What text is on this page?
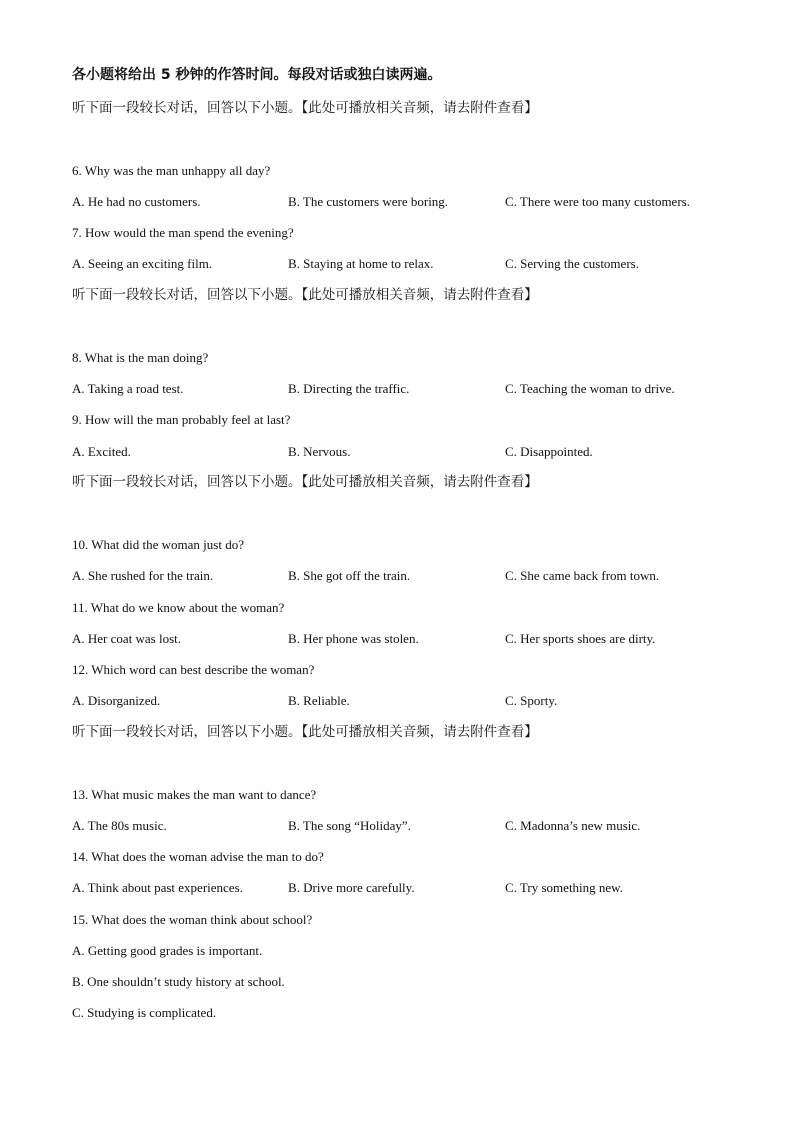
各小题将给出 5 秒钟的作答时间。每段对话或独白读两遍。
听下面一段较长对话，回答以下小题。【此处可播放相关音频，请去附件查看】
6. Why was the man unhappy all day?
A. He had no customers.	B. The customers were boring.	C. There were too many customers.
7. How would the man spend the evening?
A. Seeing an exciting film.	B. Staying at home to relax.	C. Serving the customers.
听下面一段较长对话，回答以下小题。【此处可播放相关音频，请去附件查看】
8. What is the man doing?
A. Taking a road test.	B. Directing the traffic.	C. Teaching the woman to drive.
9. How will the man probably feel at last?
A. Excited.	B. Nervous.	C. Disappointed.
听下面一段较长对话，回答以下小题。【此处可播放相关音频，请去附件查看】
10. What did the woman just do?
A. She rushed for the train.	B. She got off the train.	C. She came back from town.
11. What do we know about the woman?
A. Her coat was lost.	B. Her phone was stolen.	C. Her sports shoes are dirty.
12. Which word can best describe the woman?
A. Disorganized.	B. Reliable.	C. Sporty.
听下面一段较长对话，回答以下小题。【此处可播放相关音频，请去附件查看】
13. What music makes the man want to dance?
A. The 80s music.	B. The song “Holiday”.	C. Madonna’s new music.
14. What does the woman advise the man to do?
A. Think about past experiences.	B. Drive more carefully.	C. Try something new.
15. What does the woman think about school?
A. Getting good grades is important.
B. One shouldn’t study history at school.
C. Studying is complicated.
